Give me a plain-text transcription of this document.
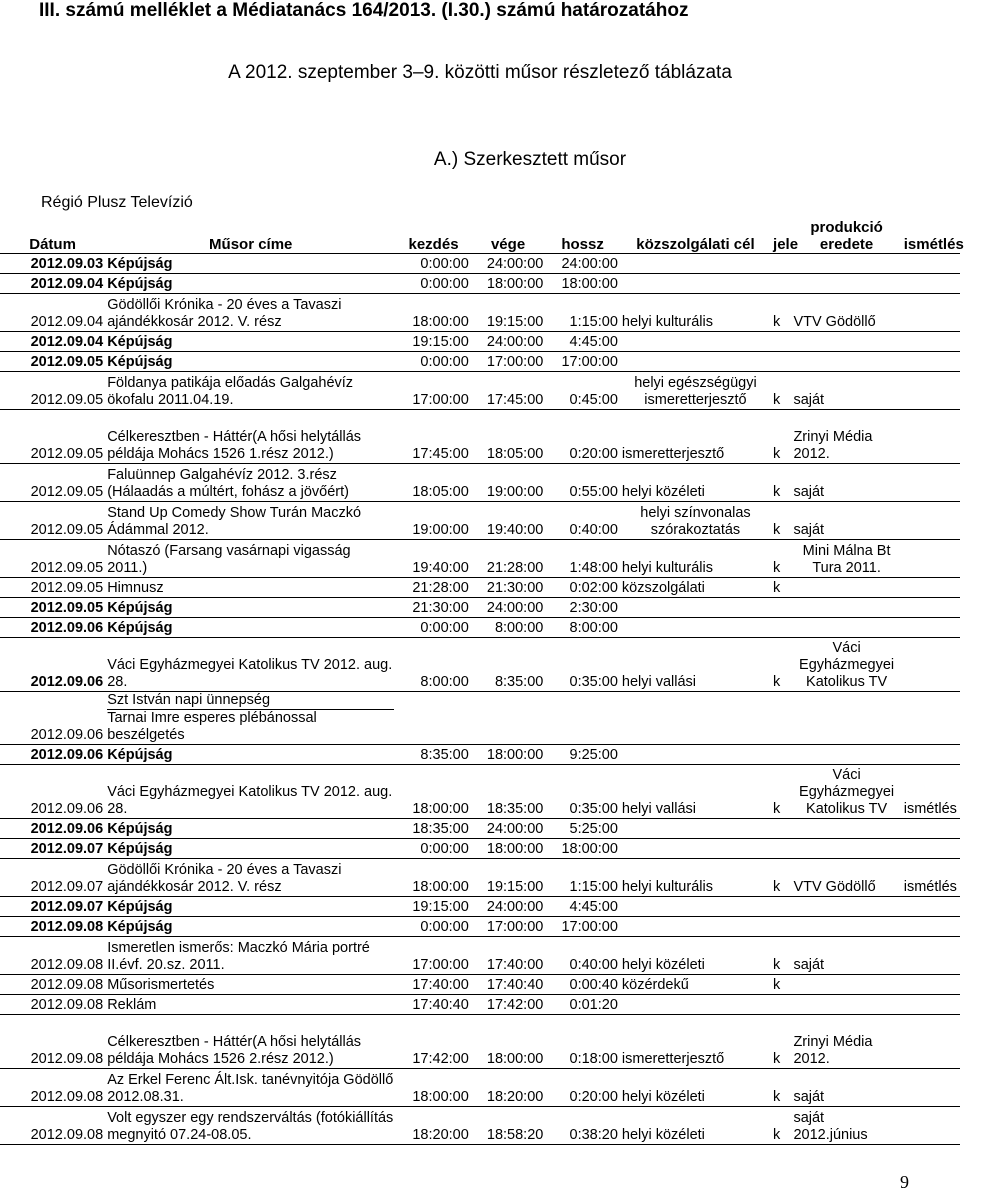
III. számú melléklet a Médiatanács 164/2013. (I.30.) számú határozatához
A 2012. szeptember 3–9. közötti műsor részletező táblázata
A.) Szerkesztett műsor
Régió Plusz Televízió
Dátum	Műsor címe	kezdés	vége	hossz	közszolgálati cél	jele	produkció eredete	ismétlés
2012.09.03	Képújság	0:00:00	24:00:00	24:00:00				
2012.09.04	Képújság	0:00:00	18:00:00	18:00:00				
2012.09.04	Gödöllői Krónika - 20 éves a Tavaszi ajándékkosár 2012. V. rész	18:00:00	19:15:00	1:15:00	helyi kulturális	k	VTV Gödöllő	
2012.09.04	Képújság	19:15:00	24:00:00	4:45:00				
2012.09.05	Képújság	0:00:00	17:00:00	17:00:00				
2012.09.05	Földanya patikája előadás Galgahévíz ökofalu 2011.04.19.	17:00:00	17:45:00	0:45:00	helyi egészségügyi ismeretterjesztő	k	saját	
2012.09.05	Célkeresztben - Háttér(A hősi helytállás példája Mohács 1526 1.rész 2012.)	17:45:00	18:05:00	0:20:00	ismeretterjesztő	k	Zrinyi Média 2012.	
2012.09.05	Faluünnep Galgahévíz 2012. 3.rész (Hálaadás a múltért, fohász a jövőért)	18:05:00	19:00:00	0:55:00	helyi közéleti	k	saját	
2012.09.05	Stand Up Comedy Show Turán Maczkó Ádámmal 2012.	19:00:00	19:40:00	0:40:00	helyi színvonalas szórakoztatás	k	saját	
2012.09.05	Nótaszó (Farsang vasárnapi vigasság 2011.)	19:40:00	21:28:00	1:48:00	helyi kulturális	k	Mini Málna Bt Tura 2011.	
2012.09.05	Himnusz	21:28:00	21:30:00	0:02:00	közszolgálati	k		
2012.09.05	Képújság	21:30:00	24:00:00	2:30:00				
2012.09.06	Képújság	0:00:00	8:00:00	8:00:00				
2012.09.06	Váci Egyházmegyei Katolikus TV 2012. aug. 28.	8:00:00	8:35:00	0:35:00	helyi vallási	k	Váci Egyházmegyei Katolikus TV	
2012.09.06	Szt István napi ünnepség
Tarnai Imre esperes plébánossal beszélgetés							

2012.09.06	Képújság	8:35:00	18:00:00	9:25:00				
2012.09.06	Váci Egyházmegyei Katolikus TV 2012. aug. 28.	18:00:00	18:35:00	0:35:00	helyi vallási	k	Váci Egyházmegyei Katolikus TV	ismétlés
2012.09.06	Képújság	18:35:00	24:00:00	5:25:00				
2012.09.07	Képújság	0:00:00	18:00:00	18:00:00				
2012.09.07	Gödöllői Krónika - 20 éves a Tavaszi ajándékkosár 2012. V. rész	18:00:00	19:15:00	1:15:00	helyi kulturális	k	VTV Gödöllő	ismétlés
2012.09.07	Képújság	19:15:00	24:00:00	4:45:00				
2012.09.08	Képújság	0:00:00	17:00:00	17:00:00				
2012.09.08	Ismeretlen ismerős: Maczkó Mária portré II.évf. 20.sz. 2011.	17:00:00	17:40:00	0:40:00	helyi közéleti	k	saját	
2012.09.08	Műsorismertetés	17:40:00	17:40:40	0:00:40	közérdekű	k		
2012.09.08	Reklám	17:40:40	17:42:00	0:01:20				
2012.09.08	Célkeresztben - Háttér(A hősi helytállás példája Mohács 1526 2.rész 2012.)	17:42:00	18:00:00	0:18:00	ismeretterjesztő	k	Zrinyi Média 2012.	
2012.09.08	Az Erkel Ferenc Ált.Isk. tanévnyitója Gödöllő 2012.08.31.	18:00:00	18:20:00	0:20:00	helyi közéleti	k	saját	
2012.09.08	Volt egyszer egy rendszerváltás (fotókiállítás megnyitó 07.24-08.05.	18:20:00	18:58:20	0:38:20	helyi közéleti	k	saját 2012.június	
9
